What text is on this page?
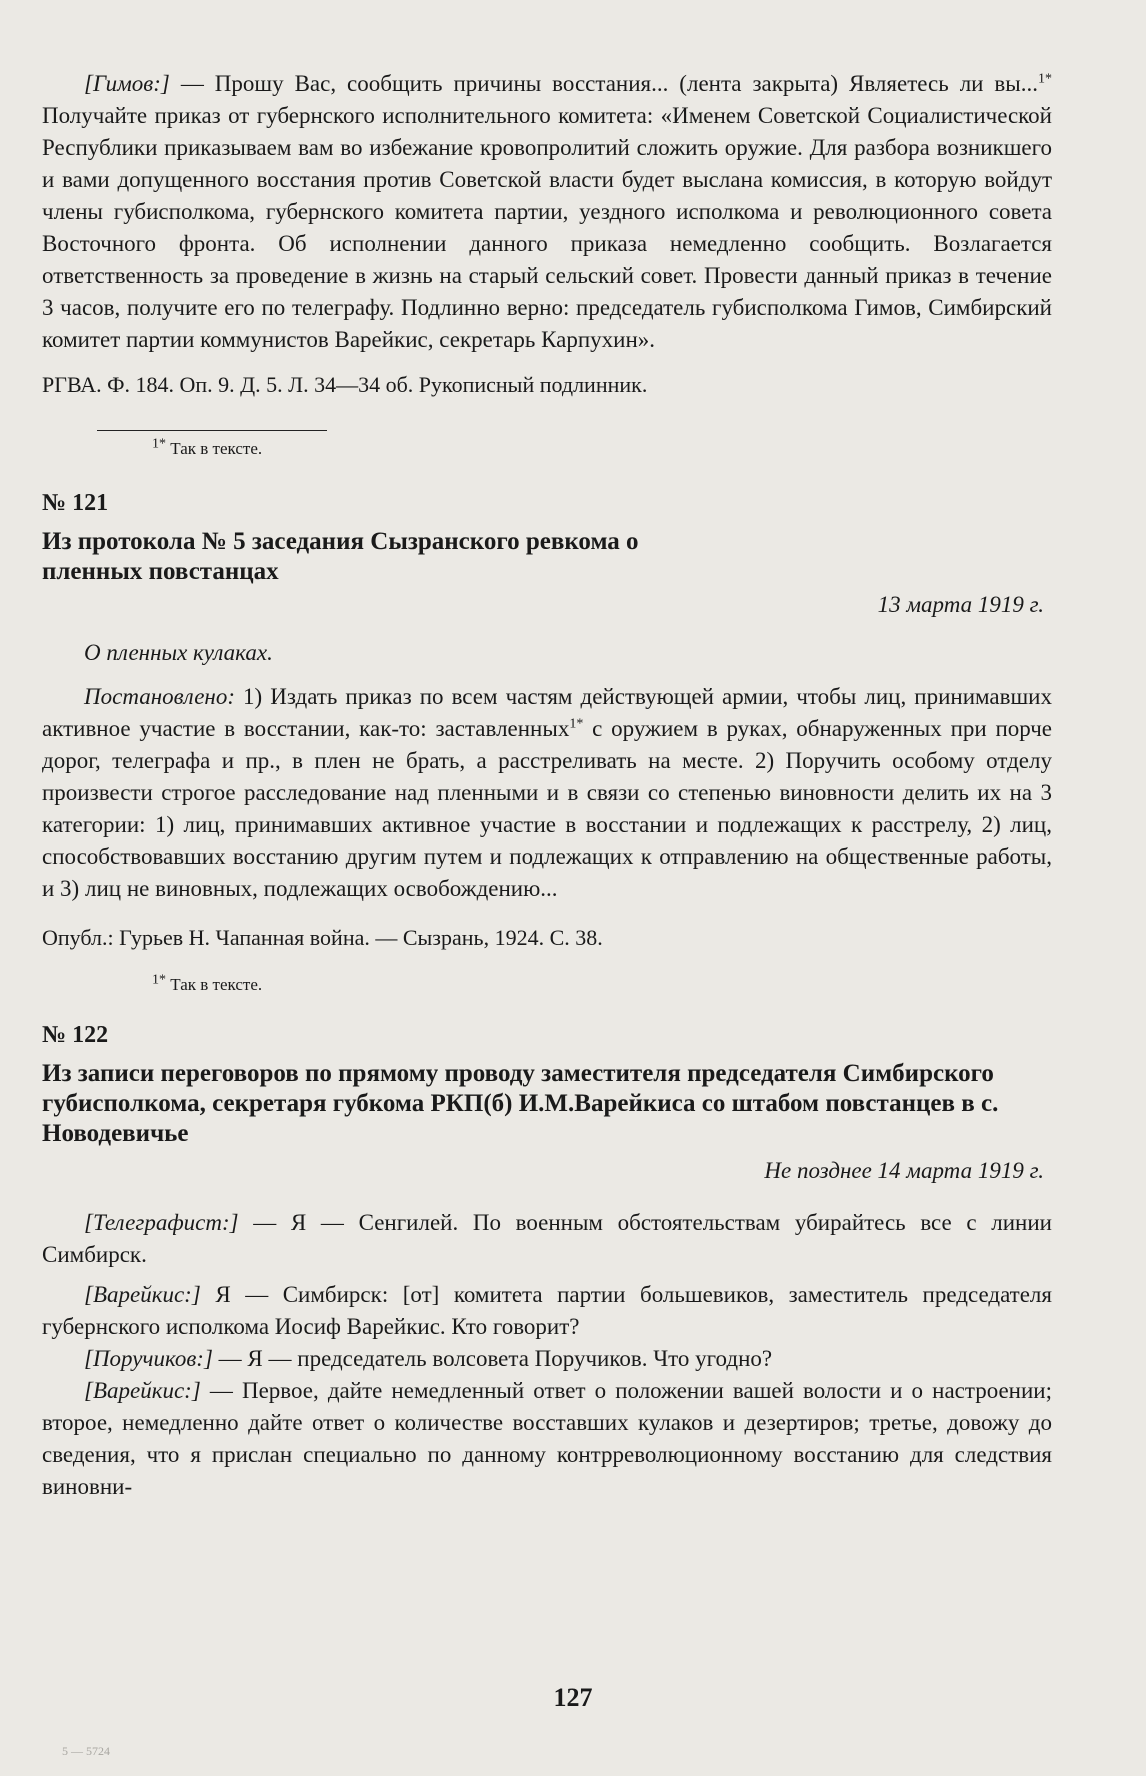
[Гимов:] — Прошу Вас, сообщить причины восстания... (лента закрыта) Являетесь ли вы...$^{1*}$ Получайте приказ от губернского исполнительного комитета: «Именем Советской Социалистической Республики приказываем вам во избежание кровопролитий сложить оружие. Для разбора возникшего и вами допущенного восстания против Советской власти будет выслана комиссия, в которую войдут члены губисполкома, губернского комитета партии, уездного исполкома и революционного совета Восточного фронта. Об исполнении данного приказа немедленно сообщить. Возлагается ответственность за проведение в жизнь на старый сельский совет. Провести данный приказ в течение 3 часов, получите его по телеграфу. Подлинно верно: председатель губисполкома Гимов, Симбирский комитет партии коммунистов Варейкис, секретарь Карпухин».

РГВА. Ф. 184. Оп. 9. Д. 5. Л. 34—34 об. Рукописный подлинник.

$^{1*}$ Так в тексте.

№ 121

Из протокола № 5 заседания Сызранского ревкома о пленных повстанцах

13 марта 1919 г.

О пленных кулаках.

Постановлено: 1) Издать приказ по всем частям действующей армии, чтобы лиц, принимавших активное участие в восстании, как-то: заставленных$^{1*}$ с оружием в руках, обнаруженных при порче дорог, телеграфа и пр., в плен не брать, а расстреливать на месте. 2) Поручить особому отделу произвести строгое расследование над пленными и в связи со степенью виновности делить их на 3 категории: 1) лиц, принимавших активное участие в восстании и подлежащих к расстрелу, 2) лиц, способствовавших восстанию другим путем и подлежащих к отправлению на общественные работы, и 3) лиц не виновных, подлежащих освобождению...

Опубл.: Гурьев Н. Чапанная война. — Сызрань, 1924. С. 38.

$^{1*}$ Так в тексте.

№ 122

Из записи переговоров по прямому проводу заместителя председателя Симбирского губисполкома, секретаря губкома РКП(б) И.М.Варейкиса со штабом повстанцев в с. Новодевичье

Не позднее 14 марта 1919 г.

[Телеграфист:] — Я — Сенгилей. По военным обстоятельствам убирайтесь все с линии Симбирск.

[Варейкис:] Я — Симбирск: [от] комитета партии большевиков, заместитель председателя губернского исполкома Иосиф Варейкис. Кто говорит?

[Поручиков:] — Я — председатель волсовета Поручиков. Что угодно?

[Варейкис:] — Первое, дайте немедленный ответ о положении вашей волости и о настроении; второе, немедленно дайте ответ о количестве восставших кулаков и дезертиров; третье, довожу до сведения, что я прислан специально по данному контрреволюционному восстанию для следствия виновни-

127
5 — 5724
